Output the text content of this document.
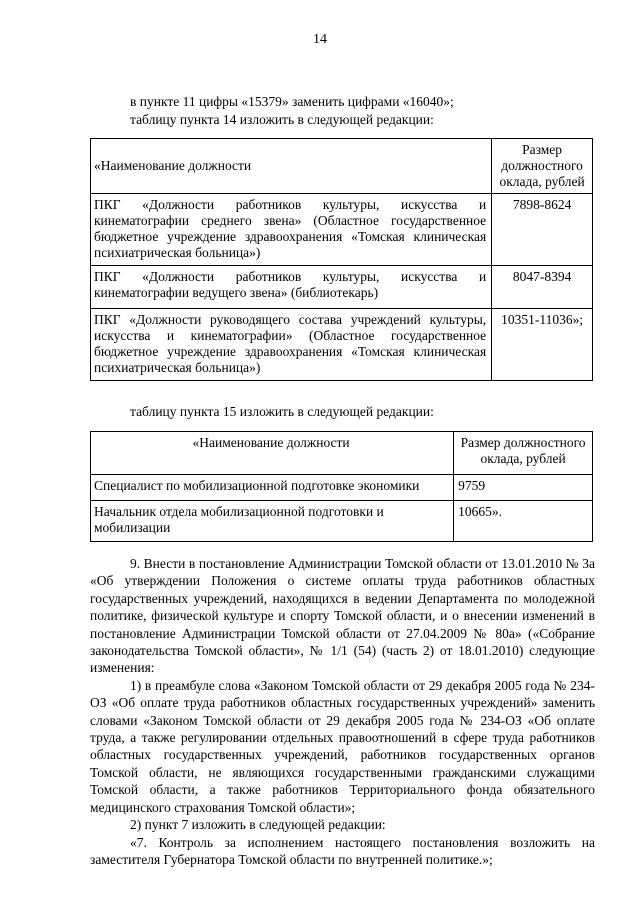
14
в пункте 11 цифры «15379» заменить цифрами «16040»;
таблицу пункта 14 изложить в следующей редакции:
«Наименование должности	Размер должностного оклада, рублей
ПКГ «Должности работников культуры, искусства и кинематографии среднего звена» (Областное государственное бюджетное учреждение здравоохранения «Томская клиническая психиатрическая больница»)	7898-8624
ПКГ «Должности работников культуры, искусства и кинематографии ведущего звена» (библиотекарь)	8047-8394
ПКГ «Должности руководящего состава учреждений культуры, искусства и кинематографии» (Областное государственное бюджетное учреждение здравоохранения «Томская клиническая психиатрическая больница»)	10351-11036»;
таблицу пункта 15 изложить в следующей редакции:
«Наименование должности	Размер должностного оклада, рублей
Специалист по мобилизационной подготовке экономики	9759
Начальник отдела мобилизационной подготовки и мобилизации	10665».

9. Внести в постановление Администрации Томской области от 13.01.2010 № 3а «Об утверждении Положения о системе оплаты труда работников областных государственных учреждений, находящихся в ведении Департамента по молодежной политике, физической культуре и спорту Томской области, и о внесении изменений в постановление Администрации Томской области от 27.04.2009 № 80а» («Собрание законодательства Томской области», № 1/1 (54) (часть 2) от 18.01.2010) следующие изменения:

1) в преамбуле слова «Законом Томской области от 29 декабря 2005 года № 234-ОЗ «Об оплате труда работников областных государственных учреждений» заменить словами «Законом Томской области от 29 декабря 2005 года № 234-ОЗ «Об оплате труда, а также регулировании отдельных правоотношений в сфере труда работников областных государственных учреждений, работников государственных органов Томской области, не являющихся государственными гражданскими служащими Томской области, а также работников Территориального фонда обязательного медицинского страхования Томской области»;

2) пункт 7 изложить в следующей редакции:

«7. Контроль за исполнением настоящего постановления возложить на заместителя Губернатора Томской области по внутренней политике.»;
